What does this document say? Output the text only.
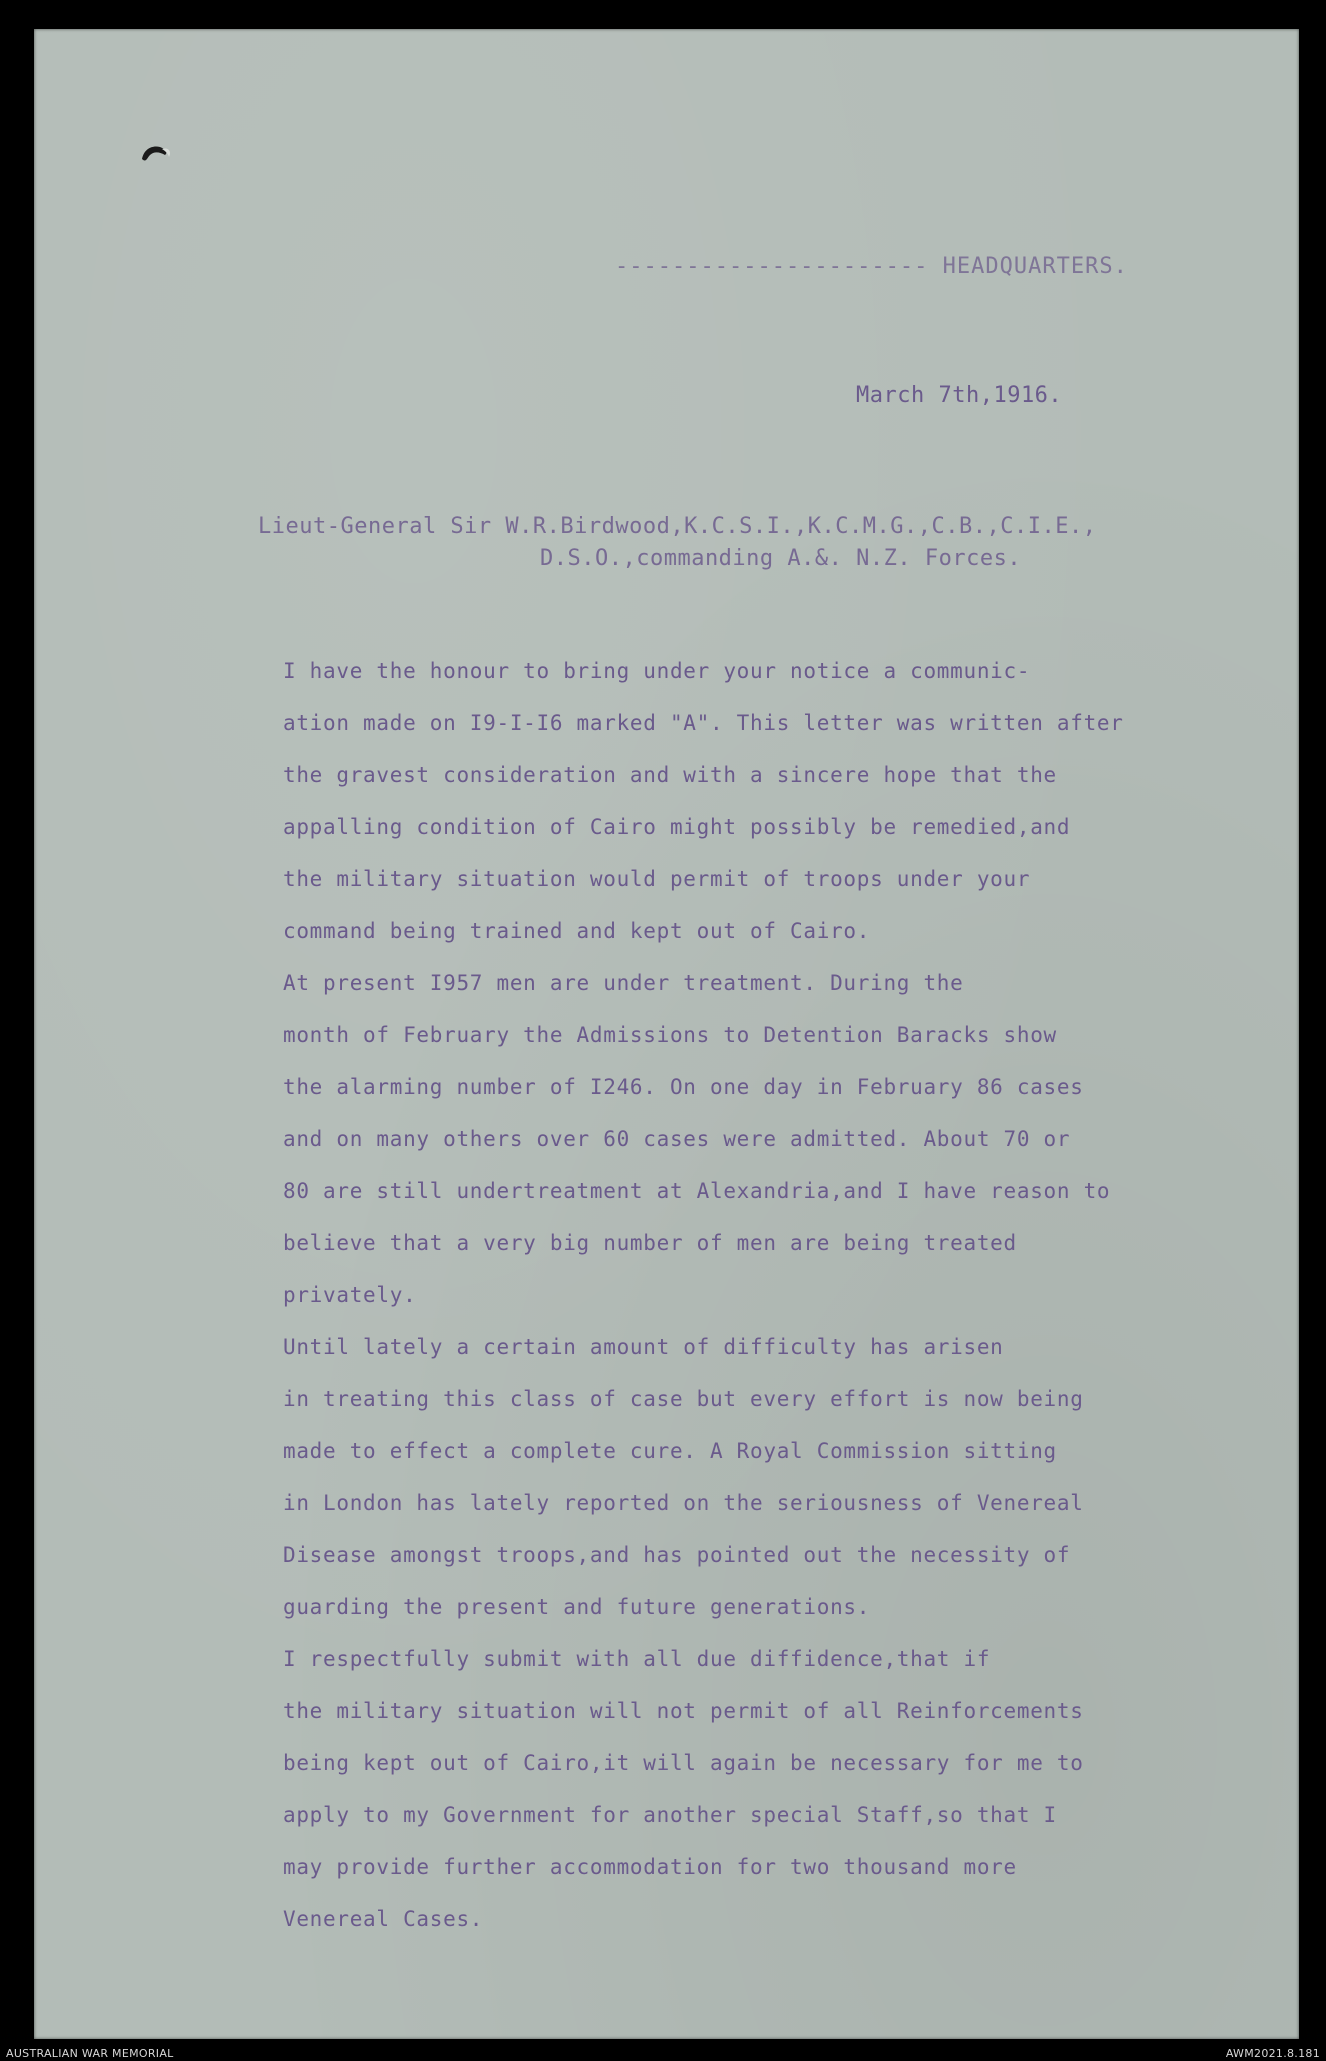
---------------------- HEADQUARTERS.
March 7th,1916.
Lieut-General Sir W.R.Birdwood,K.C.S.I.,K.C.M.G.,C.B.,C.I.E.,
D.S.O.,commanding A.&. N.Z. Forces.

I have the honour to bring under your notice a communic-
ation made on I9-I-I6 marked "A". This letter was written after
the gravest consideration and with a sincere hope that the
appalling condition of Cairo might possibly be remedied,and
the military situation would permit of troops under your
command being trained and kept out of Cairo.

At present I957 men are under treatment. During the
month of February the Admissions to Detention Baracks show
the alarming number of I246. On one day in February 86 cases
and on many others over 60 cases were admitted. About 70 or
80 are still undertreatment at Alexandria,and I have reason to
believe that a very big number of men are being treated
privately.

Until lately a certain amount of difficulty has arisen
in treating this class of case but every effort is now being
made to effect a complete cure. A Royal Commission sitting
in London has lately reported on the seriousness of Venereal
Disease amongst troops,and has pointed out the necessity of
guarding the present and future generations.

I respectfully submit with all due diffidence,that if
the military situation will not permit of all Reinforcements
being kept out of Cairo,it will again be necessary for me to
apply to my Government for another special Staff,so that I
may provide further accommodation for two thousand more
Venereal Cases.

AUSTRALIAN WAR MEMORIAL	AWM2021.8.181
